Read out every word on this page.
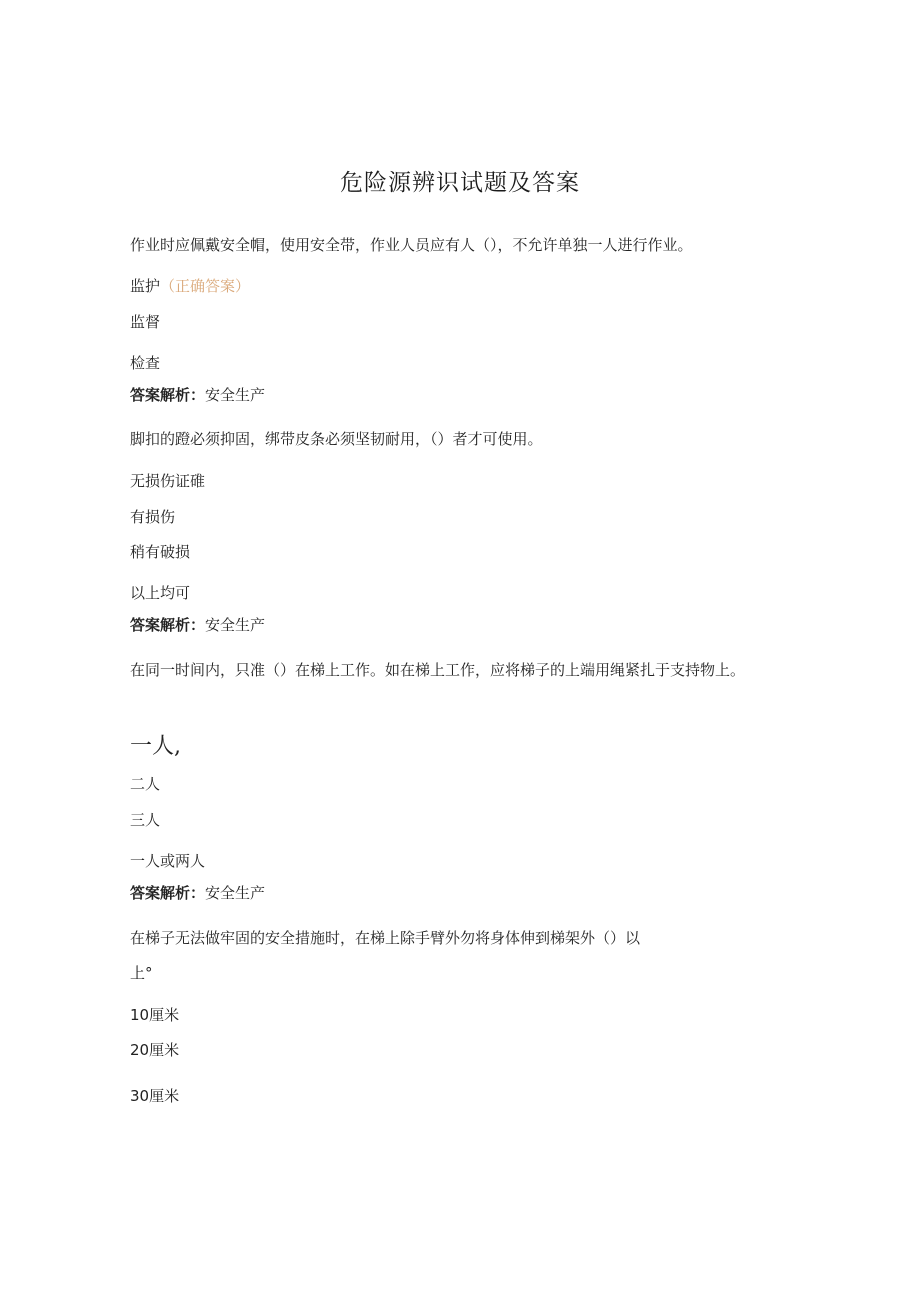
危险源辨识试题及答案
作业时应佩戴安全帽，使用安全带，作业人员应有人（），不允许单独一人进行作业。
监护（正确答案）
监督
检查
答案解析：安全生产
脚扣的蹬必须抑固，绑带皮条必须坚韧耐用，（）者才可使用。
无损伤证碓
有损伤
稍有破损
以上均可
答案解析：安全生产
在同一时间内，只准（）在梯上工作。如在梯上工作，应将梯子的上端用绳紧扎于支持物上。
一人,
二人
三人
一人或两人
答案解析：安全生产
在梯子无法做牢固的安全措施时，在梯上除手臂外勿将身体伸到梯架外（）以
上°
10厘米
20厘米
30厘米
